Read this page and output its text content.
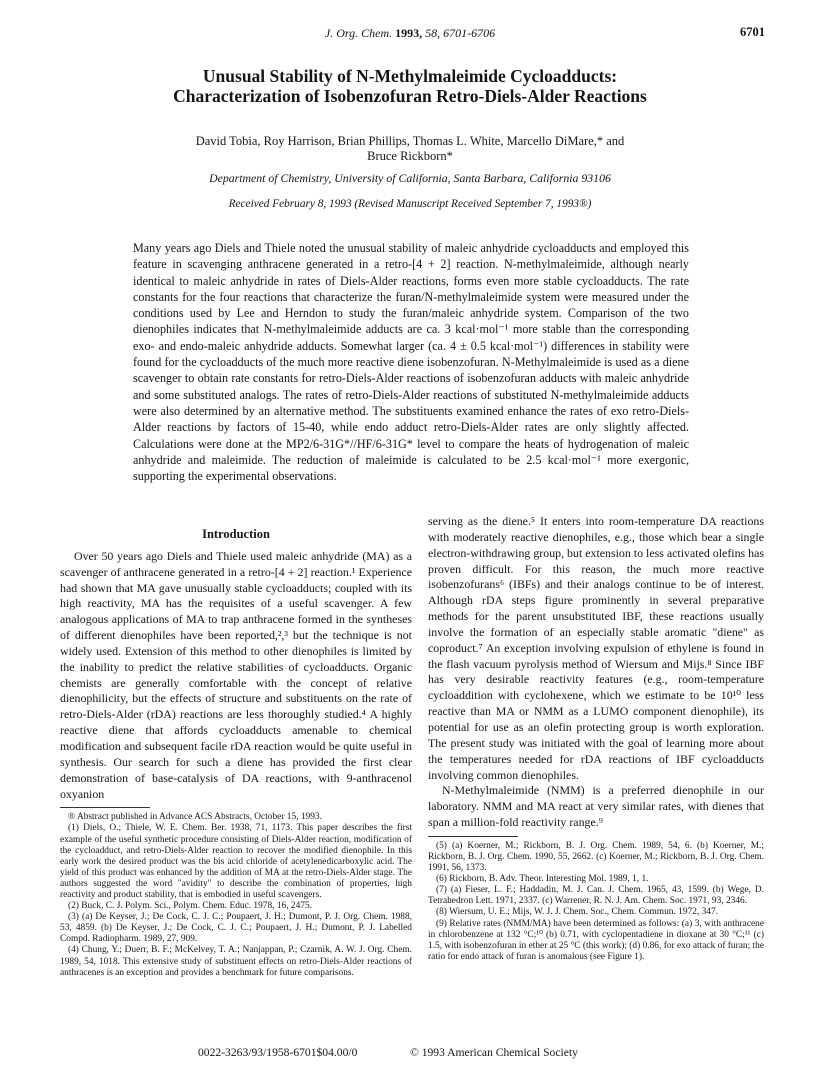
J. Org. Chem. 1993, 58, 6701-6706	6701
Unusual Stability of N-Methylmaleimide Cycloadducts:
Characterization of Isobenzofuran Retro-Diels-Alder Reactions
David Tobia, Roy Harrison, Brian Phillips, Thomas L. White, Marcello DiMare,* and
Bruce Rickborn*
Department of Chemistry, University of California, Santa Barbara, California 93106
Received February 8, 1993 (Revised Manuscript Received September 7, 1993®)
Many years ago Diels and Thiele noted the unusual stability of maleic anhydride cycloadducts and employed this feature in scavenging anthracene generated in a retro-[4 + 2] reaction. N-methylmaleimide, although nearly identical to maleic anhydride in rates of Diels-Alder reactions, forms even more stable cycloadducts. The rate constants for the four reactions that characterize the furan/N-methylmaleimide system were measured under the conditions used by Lee and Herndon to study the furan/maleic anhydride system. Comparison of the two dienophiles indicates that N-methylmaleimide adducts are ca. 3 kcal·mol⁻¹ more stable than the corresponding exo- and endo-maleic anhydride adducts. Somewhat larger (ca. 4 ± 0.5 kcal·mol⁻¹) differences in stability were found for the cycloadducts of the much more reactive diene isobenzofuran. N-Methylmaleimide is used as a diene scavenger to obtain rate constants for retro-Diels-Alder reactions of isobenzofuran adducts with maleic anhydride and some substituted analogs. The rates of retro-Diels-Alder reactions of substituted N-methylmaleimide adducts were also determined by an alternative method. The substituents examined enhance the rates of exo retro-Diels-Alder reactions by factors of 15-40, while endo adduct retro-Diels-Alder rates are only slightly affected. Calculations were done at the MP2/6-31G*//HF/6-31G* level to compare the heats of hydrogenation of maleic anhydride and maleimide. The reduction of maleimide is calculated to be 2.5 kcal·mol⁻¹ more exergonic, supporting the experimental observations.
Introduction

Over 50 years ago Diels and Thiele used maleic anhydride (MA) as a scavenger of anthracene generated in a retro-[4 + 2] reaction.¹ Experience had shown that MA gave unusually stable cycloadducts; coupled with its high reactivity, MA has the requisites of a useful scavenger. A few analogous applications of MA to trap anthracene formed in the syntheses of different dienophiles have been reported,²,³ but the technique is not widely used. Extension of this method to other dienophiles is limited by the inability to predict the relative stabilities of cycloadducts. Organic chemists are generally comfortable with the concept of relative dienophilicity, but the effects of structure and substituents on the rate of retro-Diels-Alder (rDA) reactions are less thoroughly studied.⁴ A highly reactive diene that affords cycloadducts amenable to chemical modification and subsequent facile rDA reaction would be quite useful in synthesis. Our search for such a diene has provided the first clear demonstration of base-catalysis of DA reactions, with 9-anthracenol oxyanion

® Abstract published in Advance ACS Abstracts, October 15, 1993.
(1) Diels, O.; Thiele, W. E. Chem. Ber. 1938, 71, 1173. This paper describes the first example of the useful synthetic procedure consisting of Diels-Alder reaction, modification of the cycloadduct, and retro-Diels-Alder reaction to recover the modified dienophile. In this early work the desired product was the bis acid chloride of acetylenedicarboxylic acid. The yield of this product was enhanced by the addition of MA at the retro-Diels-Alder stage. The authors suggested the word "avidity" to describe the combination of properties, high reactivity and product stability, that is embodied in useful scavengers.
(2) Buck, C. J. Polym. Sci., Polym. Chem. Educ. 1978, 16, 2475.
(3) (a) De Keyser, J.; De Cock, C. J. C.; Poupaert, J. H.; Dumont, P. J. Org. Chem. 1988, 53, 4859. (b) De Keyser, J.; De Cock, C. J. C.; Poupaert, J. H.; Dumont, P. J. Labelled Compd. Radiopharm. 1989, 27, 909.
(4) Chung, Y.; Duerr, B. F.; McKelvey, T. A.; Nanjappan, P.; Czarnik, A. W. J. Org. Chem. 1989, 54, 1018. This extensive study of substituent effects on retro-Diels-Alder reactions of anthracenes is an exception and provides a benchmark for future comparisons.

serving as the diene.⁵ It enters into room-temperature DA reactions with moderately reactive dienophiles, e.g., those which bear a single electron-withdrawing group, but extension to less activated olefins has proven difficult. For this reason, the much more reactive isobenzofurans⁶ (IBFs) and their analogs continue to be of interest. Although rDA steps figure prominently in several preparative methods for the parent unsubstituted IBF, these reactions usually involve the formation of an especially stable aromatic "diene" as coproduct.⁷ An exception involving expulsion of ethylene is found in the flash vacuum pyrolysis method of Wiersum and Mijs.⁸ Since IBF has very desirable reactivity features (e.g., room-temperature cycloaddition with cyclohexene, which we estimate to be 10¹⁰ less reactive than MA or NMM as a LUMO component dienophile), its potential for use as an olefin protecting group is worth exploration. The present study was initiated with the goal of learning more about the temperatures needed for rDA reactions of IBF cycloadducts involving common dienophiles.

N-Methylmaleimide (NMM) is a preferred dienophile in our laboratory. NMM and MA react at very similar rates, with dienes that span a million-fold reactivity range.⁹

(5) (a) Koerner, M.; Rickborn, B. J. Org. Chem. 1989, 54, 6. (b) Koerner, M.; Rickborn, B. J. Org. Chem. 1990, 55, 2662. (c) Koerner, M.; Rickborn, B. J. Org. Chem. 1991, 56, 1373.
(6) Rickborn, B. Adv. Theor. Interesting Mol. 1989, 1, 1.
(7) (a) Fieser, L. F.; Haddadin, M. J. Can. J. Chem. 1965, 43, 1599. (b) Wege, D. Tetrahedron Lett. 1971, 2337. (c) Warrener, R. N. J. Am. Chem. Soc. 1971, 93, 2346.
(8) Wiersum, U. E.; Mijs, W. J. J. Chem. Soc., Chem. Commun. 1972, 347.
(9) Relative rates (NMM/MA) have been determined as follows: (a) 3, with anthracene in chlorobenzene at 132 °C;¹⁰ (b) 0.71, with cyclopentadiene in dioxane at 30 °C;¹¹ (c) 1.5, with isobenzofuran in ether at 25 °C (this work); (d) 0.86, for exo attack of furan; the ratio for endo attack of furan is anomalous (see Figure 1).
0022-3263/93/1958-6701$04.00/0	© 1993 American Chemical Society
